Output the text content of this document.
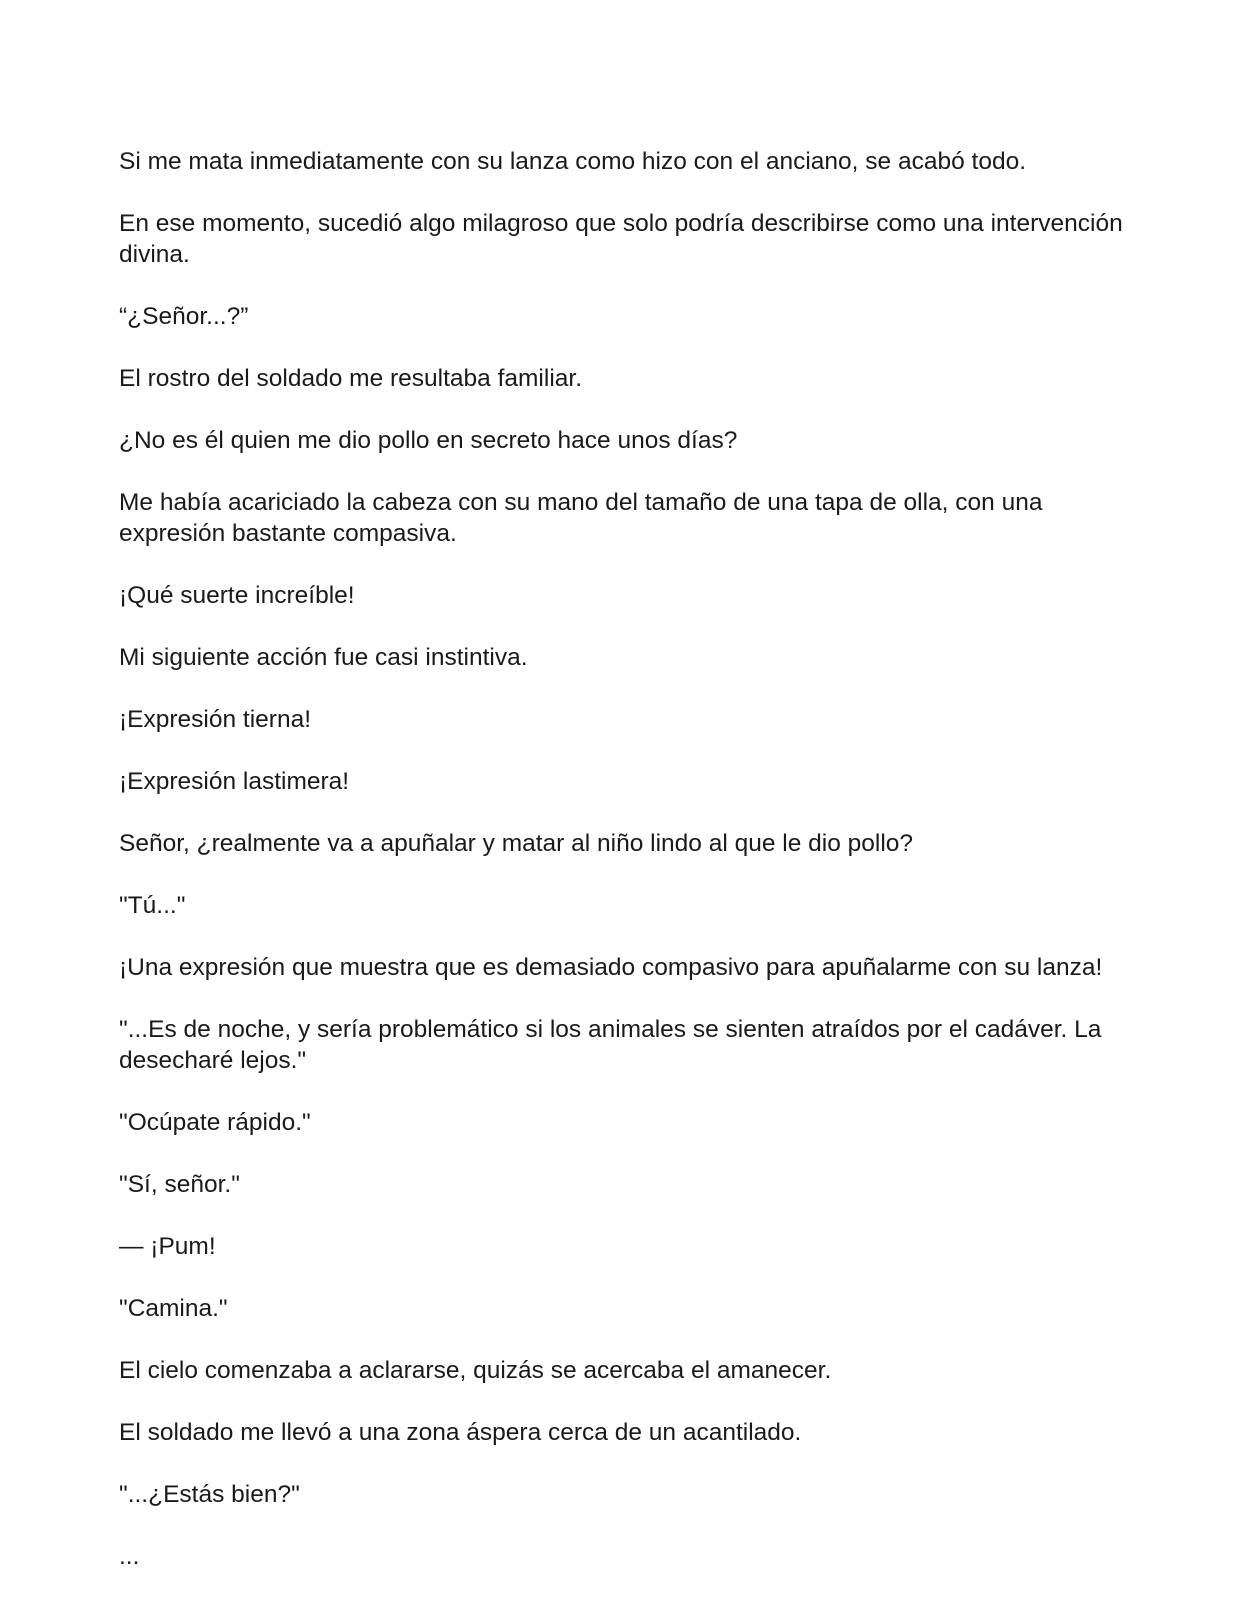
Si me mata inmediatamente con su lanza como hizo con el anciano, se acabó todo.

En ese momento, sucedió algo milagroso que solo podría describirse como una intervención divina.

“¿Señor...?”

El rostro del soldado me resultaba familiar.

¿No es él quien me dio pollo en secreto hace unos días?

Me había acariciado la cabeza con su mano del tamaño de una tapa de olla, con una expresión bastante compasiva.

¡Qué suerte increíble!

Mi siguiente acción fue casi instintiva.

¡Expresión tierna!

¡Expresión lastimera!

Señor, ¿realmente va a apuñalar y matar al niño lindo al que le dio pollo?

"Tú..."

¡Una expresión que muestra que es demasiado compasivo para apuñalarme con su lanza!

"...Es de noche, y sería problemático si los animales se sienten atraídos por el cadáver. La desecharé lejos."

"Ocúpate rápido."

"Sí, señor."

— ¡Pum!

"Camina."

El cielo comenzaba a aclararse, quizás se acercaba el amanecer.

El soldado me llevó a una zona áspera cerca de un acantilado.

"...¿Estás bien?"

...
